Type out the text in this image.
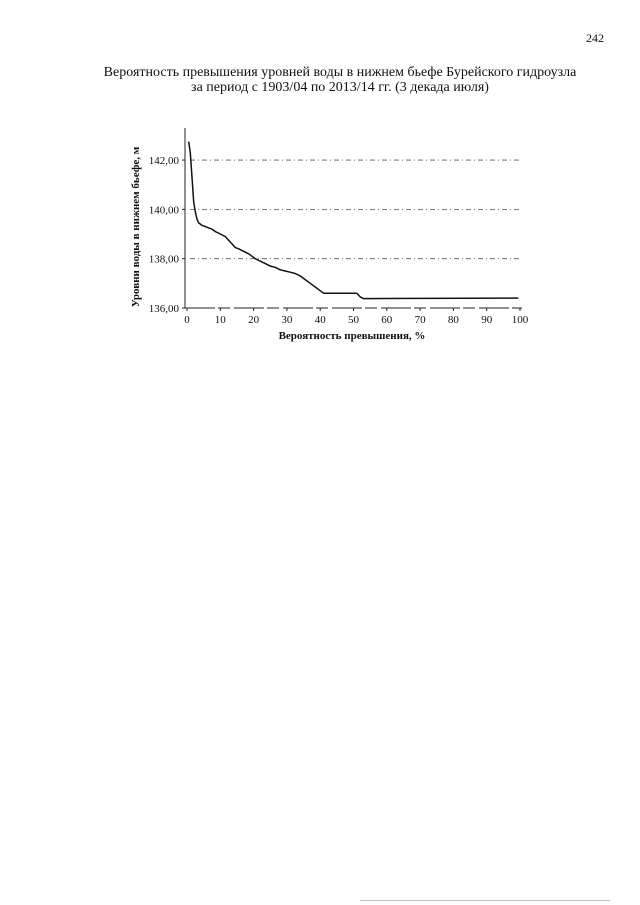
242
Вероятность превышения уровней воды в нижнем бьефе Бурейского гидроузла
за период с 1903/04 по 2013/14 гг. (3 декада июля)
136,00
138,00
140,00
142,00
0 10 20 30 40 50 60 70 80 90 100
Вероятность превышения, %
Уровни воды в нижнем бьефе, м
